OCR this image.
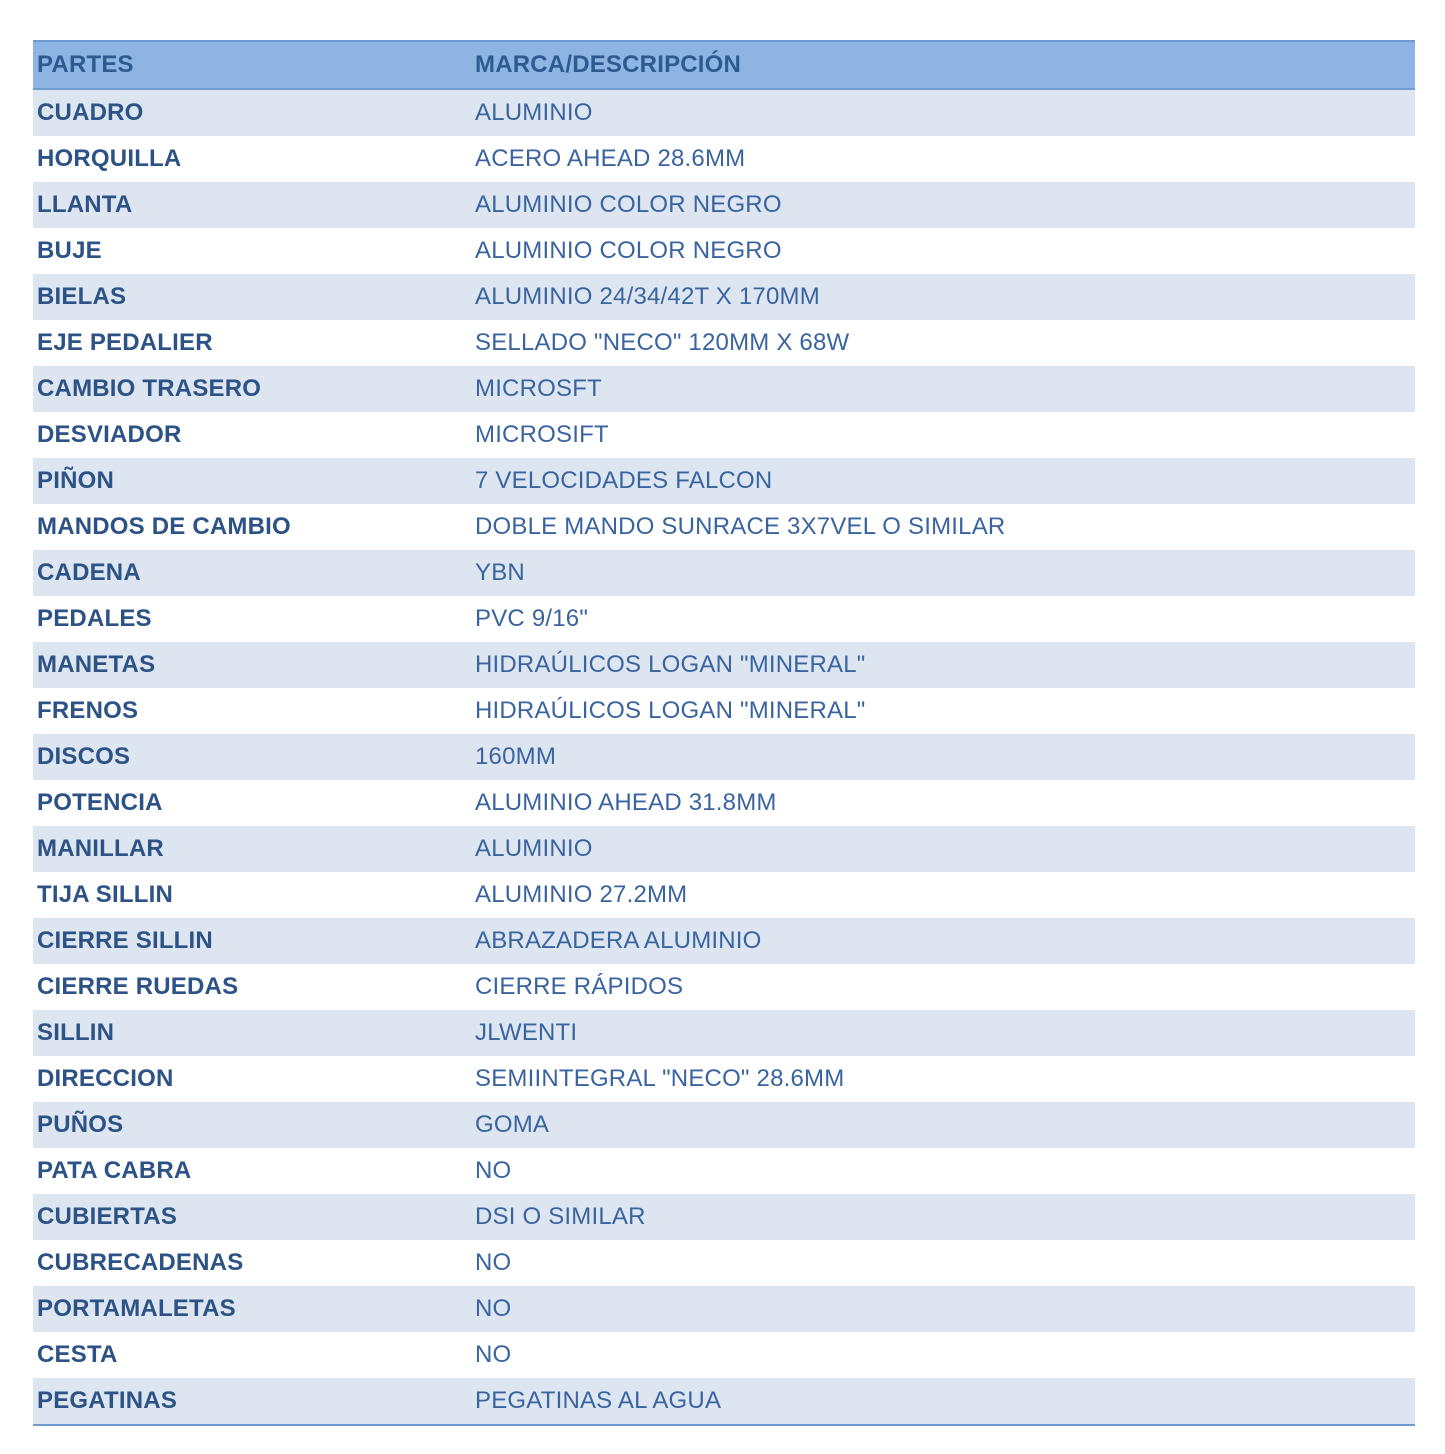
PARTES	MARCA/DESCRIPCIÓN
CUADRO	ALUMINIO
HORQUILLA	ACERO AHEAD 28.6MM
LLANTA	ALUMINIO COLOR NEGRO
BUJE	ALUMINIO COLOR NEGRO
BIELAS	ALUMINIO 24/34/42T X 170MM
EJE PEDALIER	SELLADO "NECO" 120MM X 68W
CAMBIO TRASERO	MICROSFT
DESVIADOR	MICROSIFT
PIÑON	7 VELOCIDADES FALCON
MANDOS DE CAMBIO	DOBLE MANDO SUNRACE 3X7VEL O SIMILAR
CADENA	YBN
PEDALES	PVC 9/16"
MANETAS	HIDRAÚLICOS LOGAN "MINERAL"
FRENOS	HIDRAÚLICOS LOGAN "MINERAL"
DISCOS	160MM
POTENCIA	ALUMINIO AHEAD 31.8MM
MANILLAR	ALUMINIO
TIJA SILLIN	ALUMINIO 27.2MM
CIERRE SILLIN	ABRAZADERA ALUMINIO
CIERRE RUEDAS	CIERRE RÁPIDOS
SILLIN	JLWENTI
DIRECCION	SEMIINTEGRAL "NECO" 28.6MM
PUÑOS	GOMA
PATA CABRA	NO
CUBIERTAS	DSI O SIMILAR
CUBRECADENAS	NO
PORTAMALETAS	NO
CESTA	NO
PEGATINAS	PEGATINAS AL AGUA
